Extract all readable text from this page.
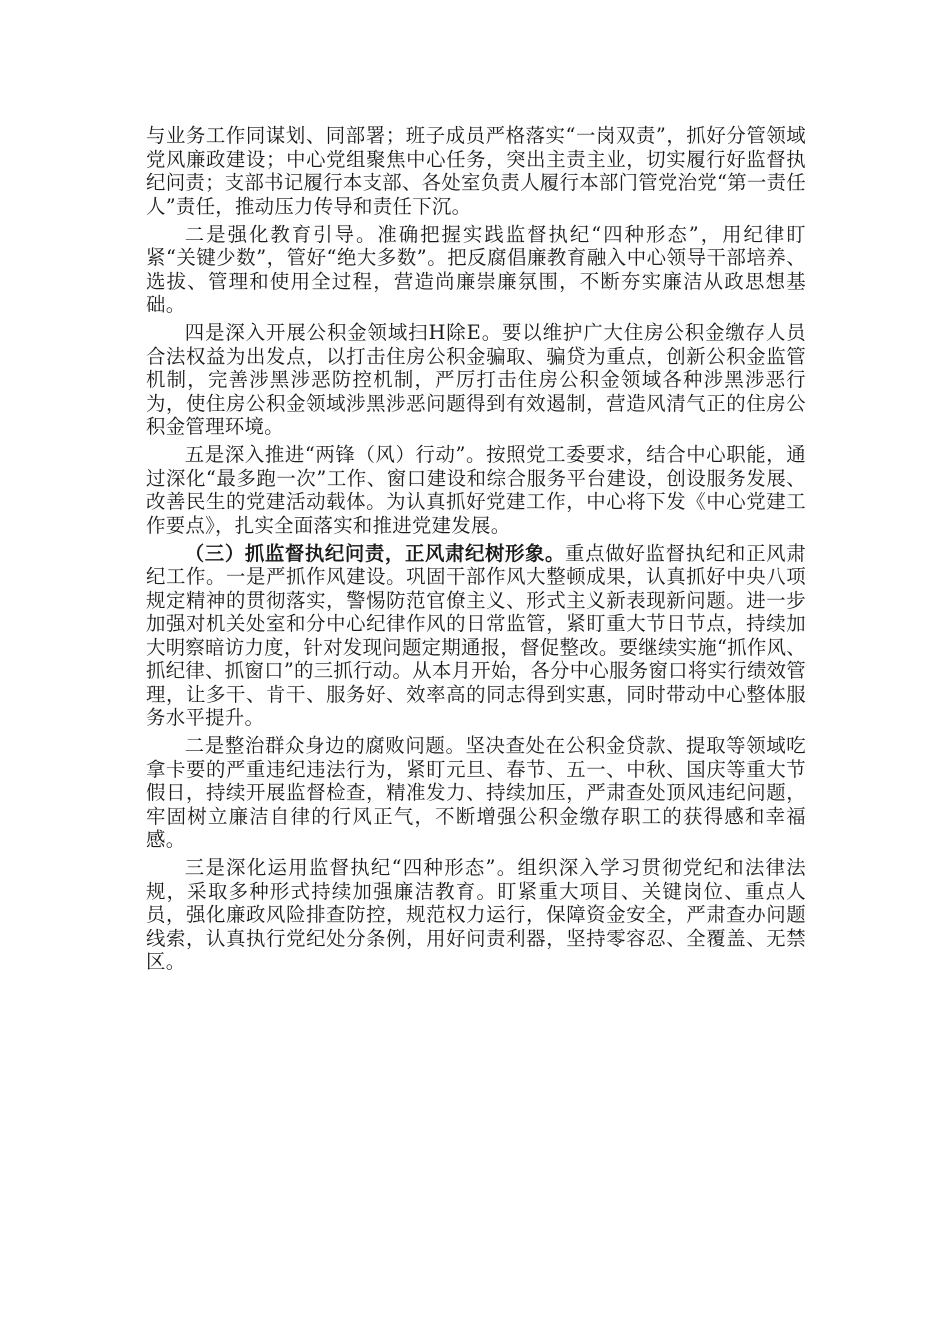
与业务工作同谋划、同部署；班子成员严格落实“一岗双责”，抓好分管领域党风廉政建设；中心党组聚焦中心任务，突出主责主业，切实履行好监督执纪问责；支部书记履行本支部、各处室负责人履行本部门管党治党“第一责任人”责任，推动压力传导和责任下沉。

二是强化教育引导。准确把握实践监督执纪“四种形态”，用纪律盯紧“关键少数”，管好“绝大多数”。把反腐倡廉教育融入中心领导干部培养、选拔、管理和使用全过程，营造尚廉崇廉氛围，不断夯实廉洁从政思想基础。

四是深入开展公积金领域扫H除E。要以维护广大住房公积金缴存人员合法权益为出发点，以打击住房公积金骗取、骗贷为重点，创新公积金监管机制，完善涉黑涉恶防控机制，严厉打击住房公积金领域各种涉黑涉恶行为，使住房公积金领域涉黑涉恶问题得到有效遏制，营造风清气正的住房公积金管理环境。

五是深入推进“两锋（风）行动”。按照党工委要求，结合中心职能，通过深化“最多跑一次”工作、窗口建设和综合服务平台建设，创设服务发展、改善民生的党建活动载体。为认真抓好党建工作，中心将下发《中心党建工作要点》，扎实全面落实和推进党建发展。

（三）抓监督执纪问责，正风肃纪树形象。重点做好监督执纪和正风肃纪工作。一是严抓作风建设。巩固干部作风大整顿成果，认真抓好中央八项规定精神的贯彻落实，警惕防范官僚主义、形式主义新表现新问题。进一步加强对机关处室和分中心纪律作风的日常监管，紧盯重大节日节点，持续加大明察暗访力度，针对发现问题定期通报，督促整改。要继续实施“抓作风、抓纪律、抓窗口”的三抓行动。从本月开始，各分中心服务窗口将实行绩效管理，让多干、肯干、服务好、效率高的同志得到实惠，同时带动中心整体服务水平提升。

二是整治群众身边的腐败问题。坚决查处在公积金贷款、提取等领域吃拿卡要的严重违纪违法行为，紧盯元旦、春节、五一、中秋、国庆等重大节假日，持续开展监督检查，精准发力、持续加压，严肃查处顶风违纪问题，牢固树立廉洁自律的行风正气，不断增强公积金缴存职工的获得感和幸福感。

三是深化运用监督执纪“四种形态”。组织深入学习贯彻党纪和法律法规，采取多种形式持续加强廉洁教育。盯紧重大项目、关键岗位、重点人员，强化廉政风险排查防控，规范权力运行，保障资金安全，严肃查办问题线索，认真执行党纪处分条例，用好问责利器，坚持零容忍、全覆盖、无禁区。
